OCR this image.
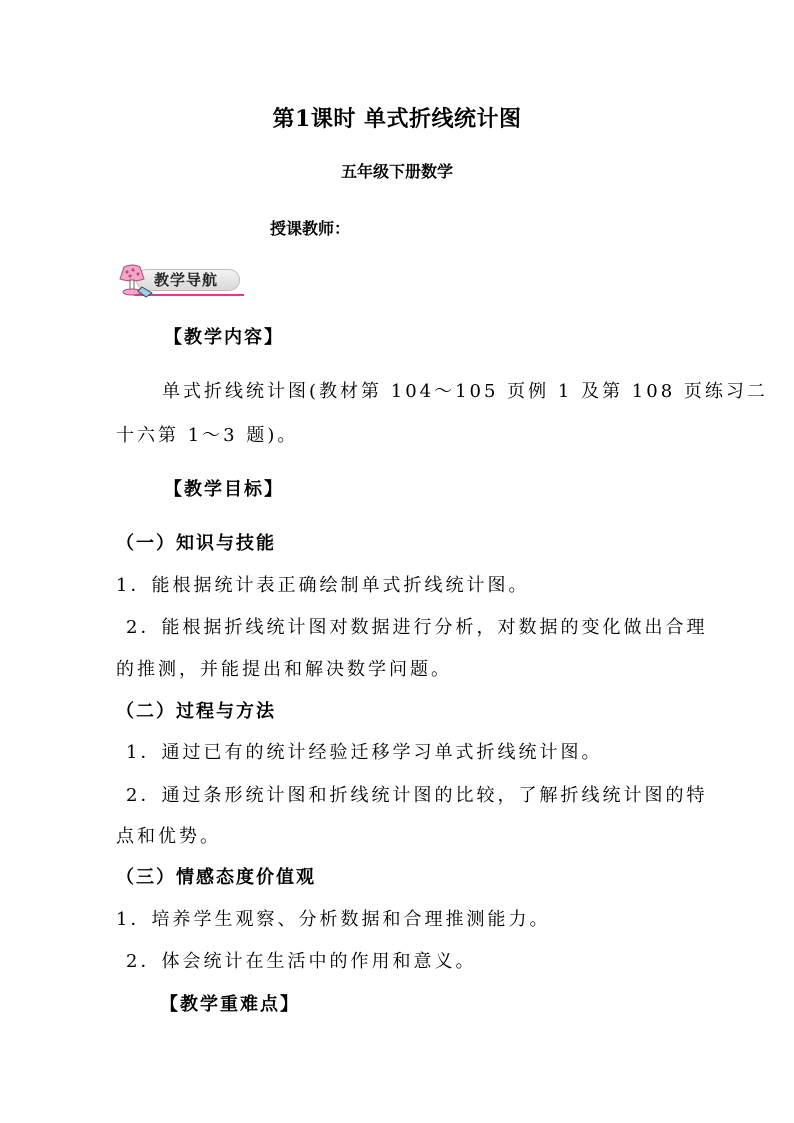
第1课时 单式折线统计图
五年级下册数学
授课教师：
教学导航
【教学内容】
单式折线统计图(教材第 104～105 页例 1 及第 108 页练习二
十六第 1～3 题)。
【教学目标】
（一）知识与技能
1．能根据统计表正确绘制单式折线统计图。
2．能根据折线统计图对数据进行分析，对数据的变化做出合理
的推测，并能提出和解决数学问题。
（二）过程与方法
1．通过已有的统计经验迁移学习单式折线统计图。
2．通过条形统计图和折线统计图的比较，了解折线统计图的特
点和优势。
（三）情感态度价值观
1．培养学生观察、分析数据和合理推测能力。
2．体会统计在生活中的作用和意义。
【教学重难点】
